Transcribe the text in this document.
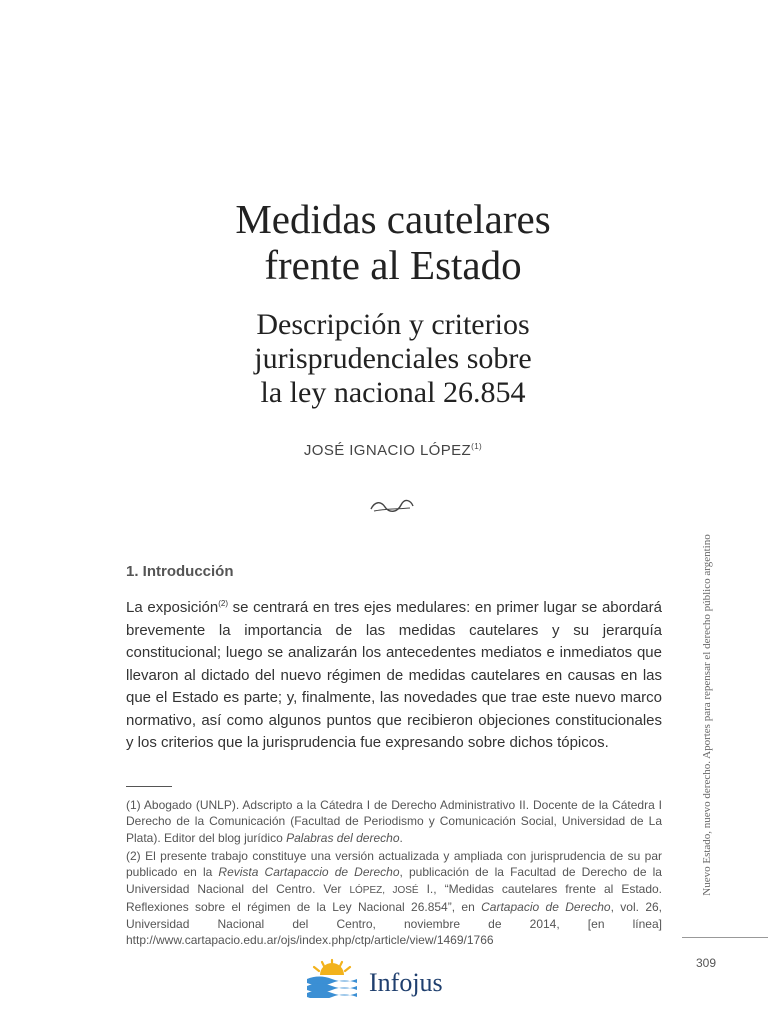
Medidas cautelares
frente al Estado
Descripción y criterios
jurisprudenciales sobre
la ley nacional 26.854
JOSÉ IGNACIO LÓPEZ$^{(1)}$
1. Introducción

La exposición$^{(2)}$ se centrará en tres ejes medulares: en primer lugar se abordará brevemente la importancia de las medidas cautelares y su jerarquía constitucional; luego se analizarán los antecedentes mediatos e inmediatos que llevaron al dictado del nuevo régimen de medidas cautelares en causas en las que el Estado es parte; y, finalmente, las novedades que trae este nuevo marco normativo, así como algunos puntos que recibieron objeciones constitucionales y los criterios que la jurisprudencia fue expresando sobre dichos tópicos.

(1) Abogado (UNLP). Adscripto a la Cátedra I de Derecho Administrativo II. Docente de la Cátedra I Derecho de la Comunicación (Facultad de Periodismo y Comunicación Social, Universidad de La Plata). Editor del blog jurídico Palabras del derecho.

(2) El presente trabajo constituye una versión actualizada y ampliada con jurisprudencia de su par publicado en la Revista Cartapaccio de Derecho, publicación de la Facultad de Derecho de la Universidad Nacional del Centro. Ver LÓPEZ, JOSÉ I., “Medidas cautelares frente al Estado. Reflexiones sobre el régimen de la Ley Nacional 26.854”, en Cartapacio de Derecho, vol. 26, Universidad Nacional del Centro, noviembre de 2014, [en línea] http://www.cartapacio.edu.ar/ojs/index.php/ctp/article/view/1469/1766

Nuevo Estado, nuevo derecho. Aportes para repensar el derecho público argentino
309
Infojus
